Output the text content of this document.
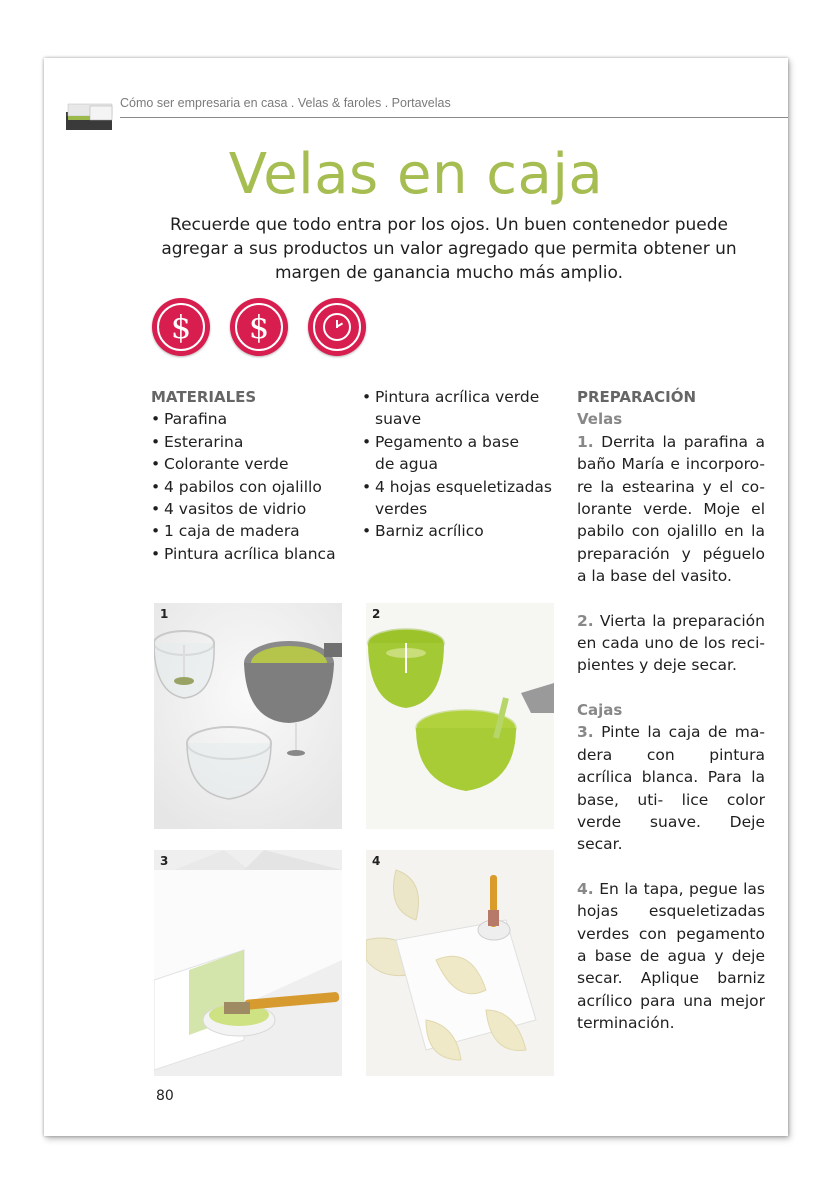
Cómo ser empresaria en casa . Velas & faroles . Portavelas
Velas en caja
Recuerde que todo entra por los ojos. Un buen contenedor puede agregar a sus productos un valor agregado que permita obtener un margen de ganancia mucho más amplio.
$	$
MATERIALES
• Parafina
• Esterarina
• Colorante verde
• 4 pabilos con ojalillo
• 4 vasitos de vidrio
• 1 caja de madera
• Pintura acrílica blanca
• Pintura acrílica verde
suave
• Pegamento a base
de agua
• 4 hojas esqueletizadas
verdes
• Barniz acrílico
PREPARACIÓN
Velas

1. Derrita la parafina a baño María e incorporo- re la estearina y el co- lorante verde. Moje el pabilo con ojalillo en la preparación y péguelo a la base del vasito.

2. Vierta la preparación en cada uno de los reci- pientes y deje secar.

Cajas

3. Pinte la caja de ma- dera con pintura acrílica blanca. Para la base, uti- lice color verde suave. Deje secar.

4. En la tapa, pegue las hojas esqueletizadas verdes con pegamento a base de agua y deje secar. Aplique barniz acrílico para una mejor terminación.

1	2
3	4
80
